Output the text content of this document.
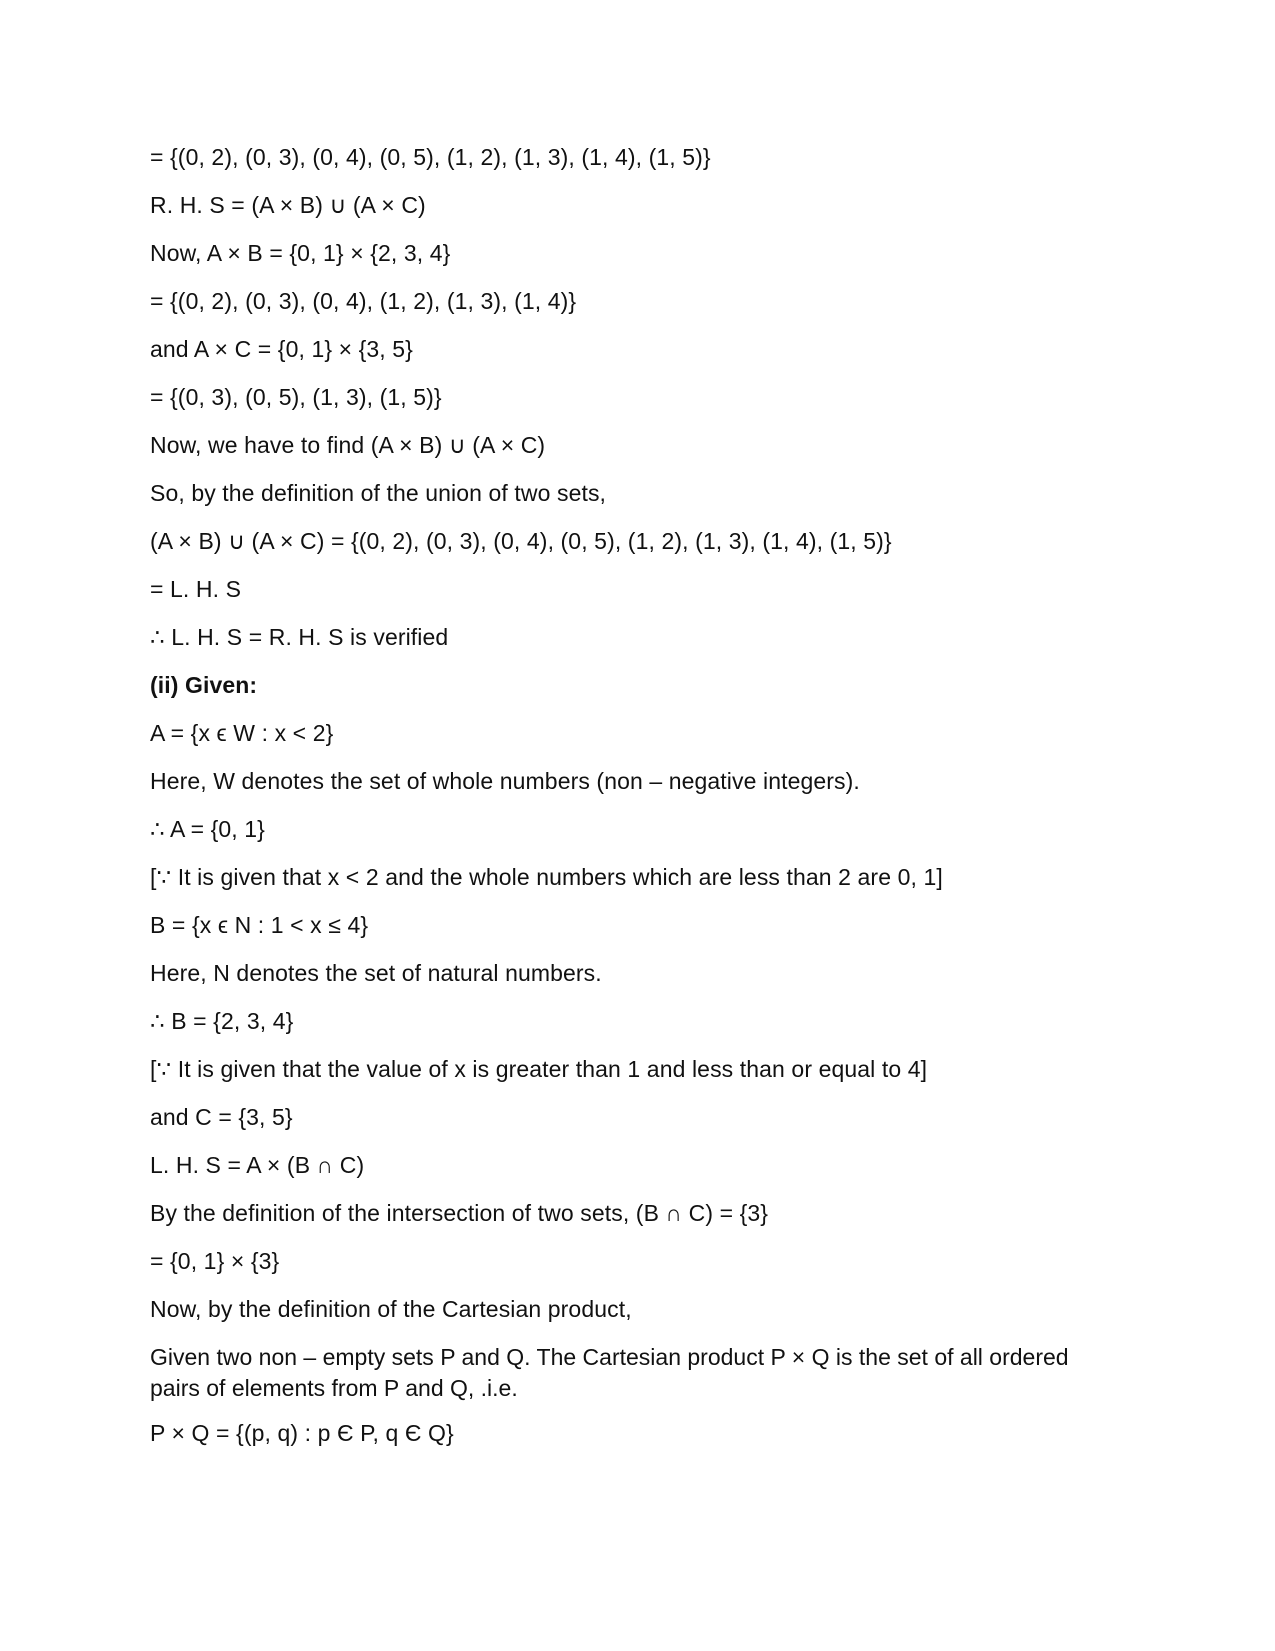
= {(0, 2), (0, 3), (0, 4), (0, 5), (1, 2), (1, 3), (1, 4), (1, 5)}
R. H. S = (A × B) ∪ (A × C)
Now, A × B = {0, 1} × {2, 3, 4}
= {(0, 2), (0, 3), (0, 4), (1, 2), (1, 3), (1, 4)}
and A × C = {0, 1} × {3, 5}
= {(0, 3), (0, 5), (1, 3), (1, 5)}
Now, we have to find (A × B) ∪ (A × C)
So, by the definition of the union of two sets,
(A × B) ∪ (A × C) = {(0, 2), (0, 3), (0, 4), (0, 5), (1, 2), (1, 3), (1, 4), (1, 5)}
= L. H. S
∴ L. H. S = R. H. S is verified
(ii) Given:
A = {x ϵ W : x < 2}
Here, W denotes the set of whole numbers (non – negative integers).
∴ A = {0, 1}
[∵ It is given that x < 2 and the whole numbers which are less than 2 are 0, 1]
B = {x ϵ N : 1 < x ≤ 4}
Here, N denotes the set of natural numbers.
∴ B = {2, 3, 4}
[∵ It is given that the value of x is greater than 1 and less than or equal to 4]
and C = {3, 5}
L. H. S = A × (B ∩ C)
By the definition of the intersection of two sets, (B ∩ C) = {3}
= {0, 1} × {3}
Now, by the definition of the Cartesian product,
Given two non – empty sets P and Q. The Cartesian product P × Q is the set of all ordered pairs of elements from P and Q, .i.e.
P × Q = {(p, q) : p Є P, q Є Q}
